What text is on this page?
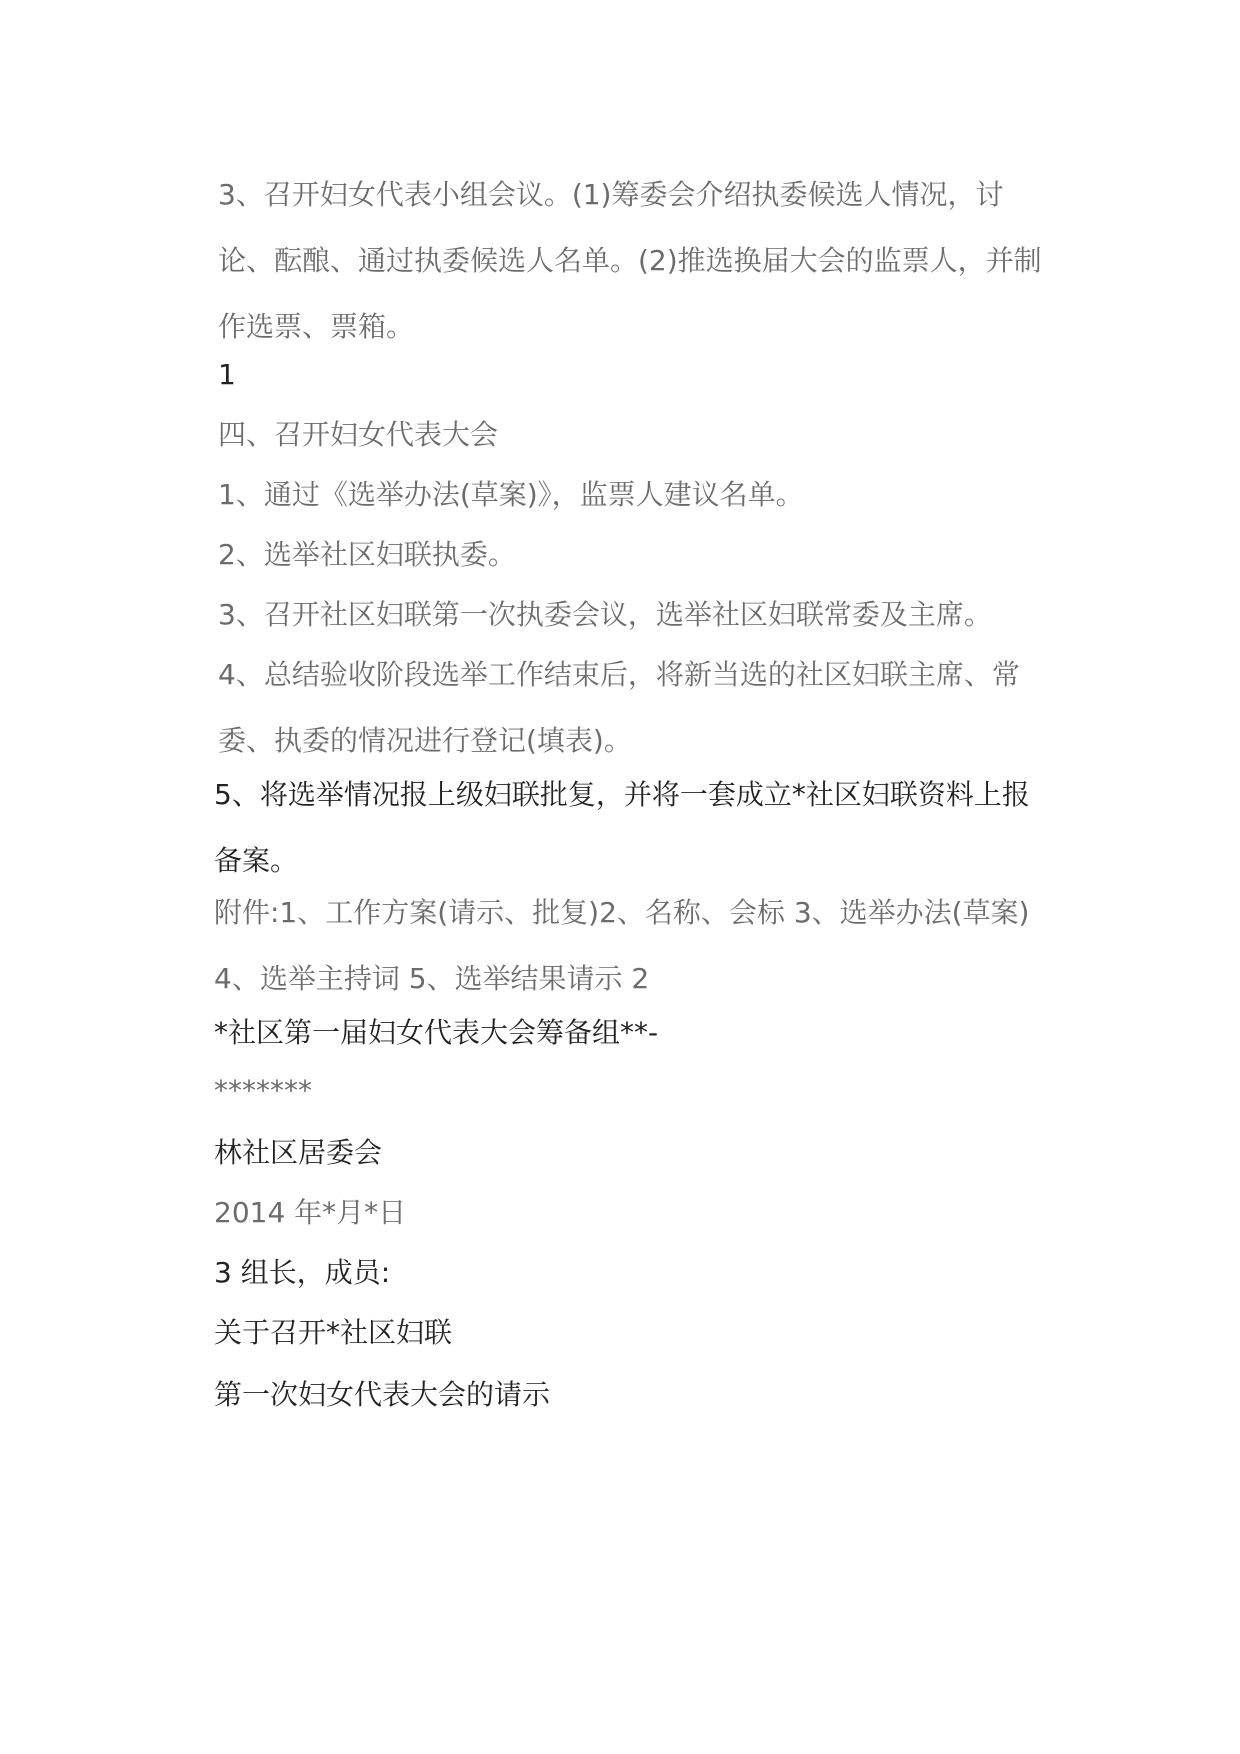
3、召开妇女代表小组会议。(1)筹委会介绍执委候选人情况，讨论、酝酿、通过执委候选人名单。(2)推选换届大会的监票人，并制作选票、票箱。

1

四、召开妇女代表大会

1、通过《选举办法(草案)》，监票人建议名单。

2、选举社区妇联执委。

3、召开社区妇联第一次执委会议，选举社区妇联常委及主席。

4、总结验收阶段选举工作结束后，将新当选的社区妇联主席、常委、执委的情况进行登记(填表)。

5、将选举情况报上级妇联批复，并将一套成立*社区妇联资料上报备案。

附件:1、工作方案(请示、批复)2、名称、会标 3、选举办法(草案)4、选举主持词 5、选举结果请示 2

*社区第一届妇女代表大会筹备组**-

*******

林社区居委会

2014 年*月*日

3 组长，成员:

关于召开*社区妇联

第一次妇女代表大会的请示
